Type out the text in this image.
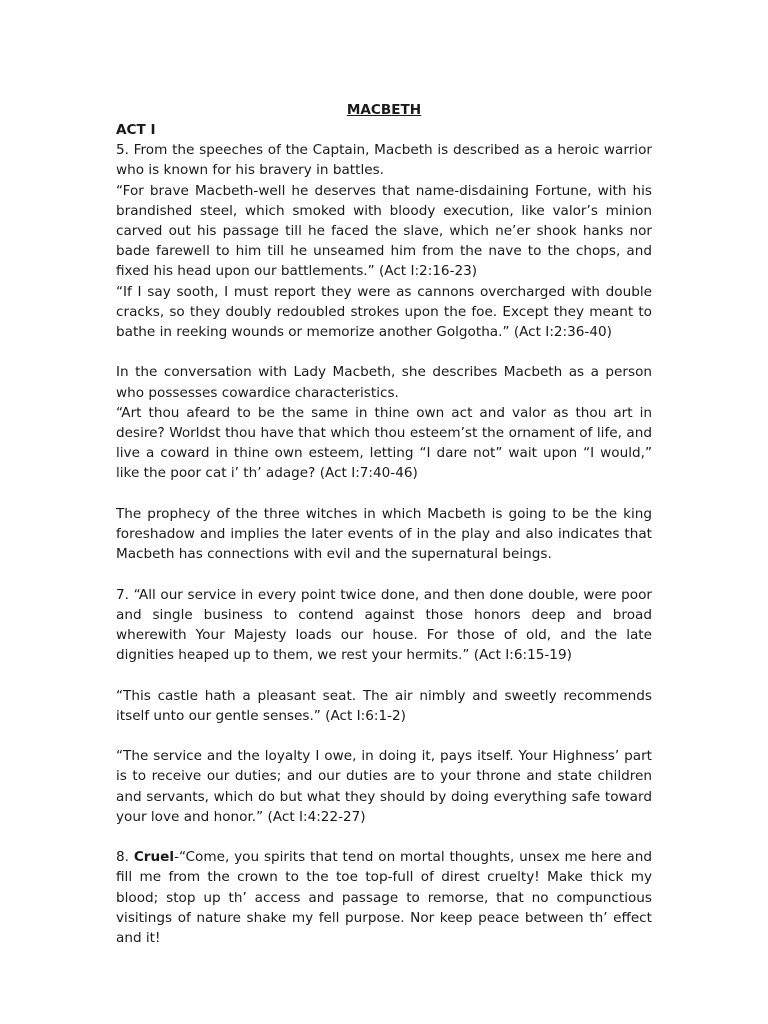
MACBETH
ACT I

5. From the speeches of the Captain, Macbeth is described as a heroic warrior who is known for his bravery in battles.

“For brave Macbeth-well he deserves that name-disdaining Fortune, with his brandished steel, which smoked with bloody execution, like valor’s minion carved out his passage till he faced the slave, which ne’er shook hanks nor bade farewell to him till he unseamed him from the nave to the chops, and fixed his head upon our battlements.” (Act I:2:16-23)

“If I say sooth, I must report they were as cannons overcharged with double cracks, so they doubly redoubled strokes upon the foe. Except they meant to bathe in reeking wounds or memorize another Golgotha.” (Act I:2:36-40)

In the conversation with Lady Macbeth, she describes Macbeth as a person who possesses cowardice characteristics.

“Art thou afeard to be the same in thine own act and valor as thou art in desire? Worldst thou have that which thou esteem’st the ornament of life, and live a coward in thine own esteem, letting “I dare not” wait upon “I would,” like the poor cat i’ th’ adage? (Act I:7:40-46)

The prophecy of the three witches in which Macbeth is going to be the king foreshadow and implies the later events of in the play and also indicates that Macbeth has connections with evil and the supernatural beings.

7. “All our service in every point twice done, and then done double, were poor and single business to contend against those honors deep and broad wherewith Your Majesty loads our house. For those of old, and the late dignities heaped up to them, we rest your hermits.” (Act I:6:15-19)

“This castle hath a pleasant seat. The air nimbly and sweetly recommends itself unto our gentle senses.” (Act I:6:1-2)

“The service and the loyalty I owe, in doing it, pays itself. Your Highness’ part is to receive our duties; and our duties are to your throne and state children and servants, which do but what they should by doing everything safe toward your love and honor.” (Act I:4:22-27)

8. Cruel-“Come, you spirits that tend on mortal thoughts, unsex me here and fill me from the crown to the toe top-full of direst cruelty! Make thick my blood; stop up th’ access and passage to remorse, that no compunctious visitings of nature shake my fell purpose. Nor keep peace between th’ effect and it!
